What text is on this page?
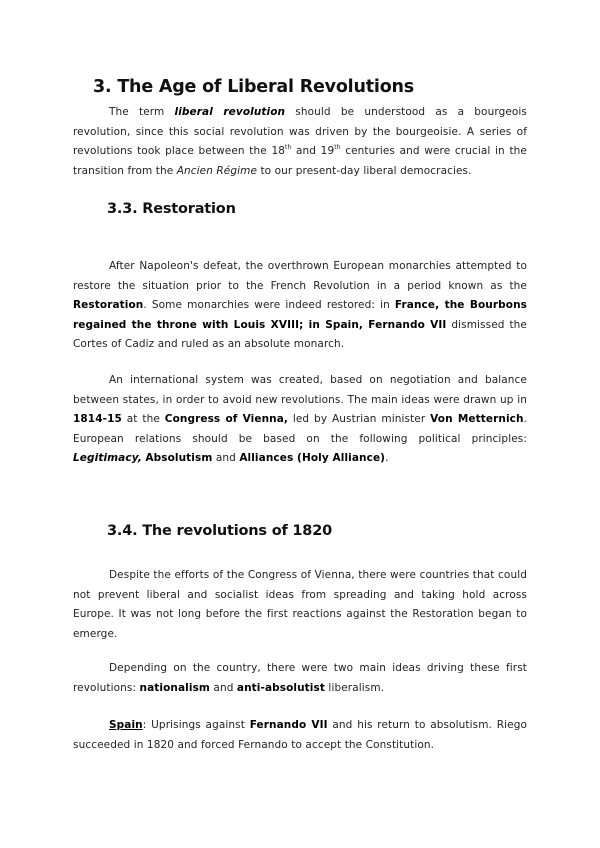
3. The Age of Liberal Revolutions

The term liberal revolution should be understood as a bourgeois revolution, since this social revolution was driven by the bourgeoisie. A series of revolutions took place between the 18th and 19th centuries and were crucial in the transition from the Ancien Régime to our present-day liberal democracies.

3.3. Restoration

After Napoleon's defeat, the overthrown European monarchies attempted to restore the situation prior to the French Revolution in a period known as the Restoration. Some monarchies were indeed restored: in France, the Bourbons regained the throne with Louis XVIII; in Spain, Fernando VII dismissed the Cortes of Cadiz and ruled as an absolute monarch.

An international system was created, based on negotiation and balance between states, in order to avoid new revolutions. The main ideas were drawn up in 1814-15 at the Congress of Vienna, led by Austrian minister Von Metternich. European relations should be based on the following political principles: Legitimacy, Absolutism and Alliances (Holy Alliance).

3.4. The revolutions of 1820

Despite the efforts of the Congress of Vienna, there were countries that could not prevent liberal and socialist ideas from spreading and taking hold across Europe. It was not long before the first reactions against the Restoration began to emerge.

Depending on the country, there were two main ideas driving these first revolutions: nationalism and anti-absolutist liberalism.

Spain: Uprisings against Fernando VII and his return to absolutism. Riego succeeded in 1820 and forced Fernando to accept the Constitution.
